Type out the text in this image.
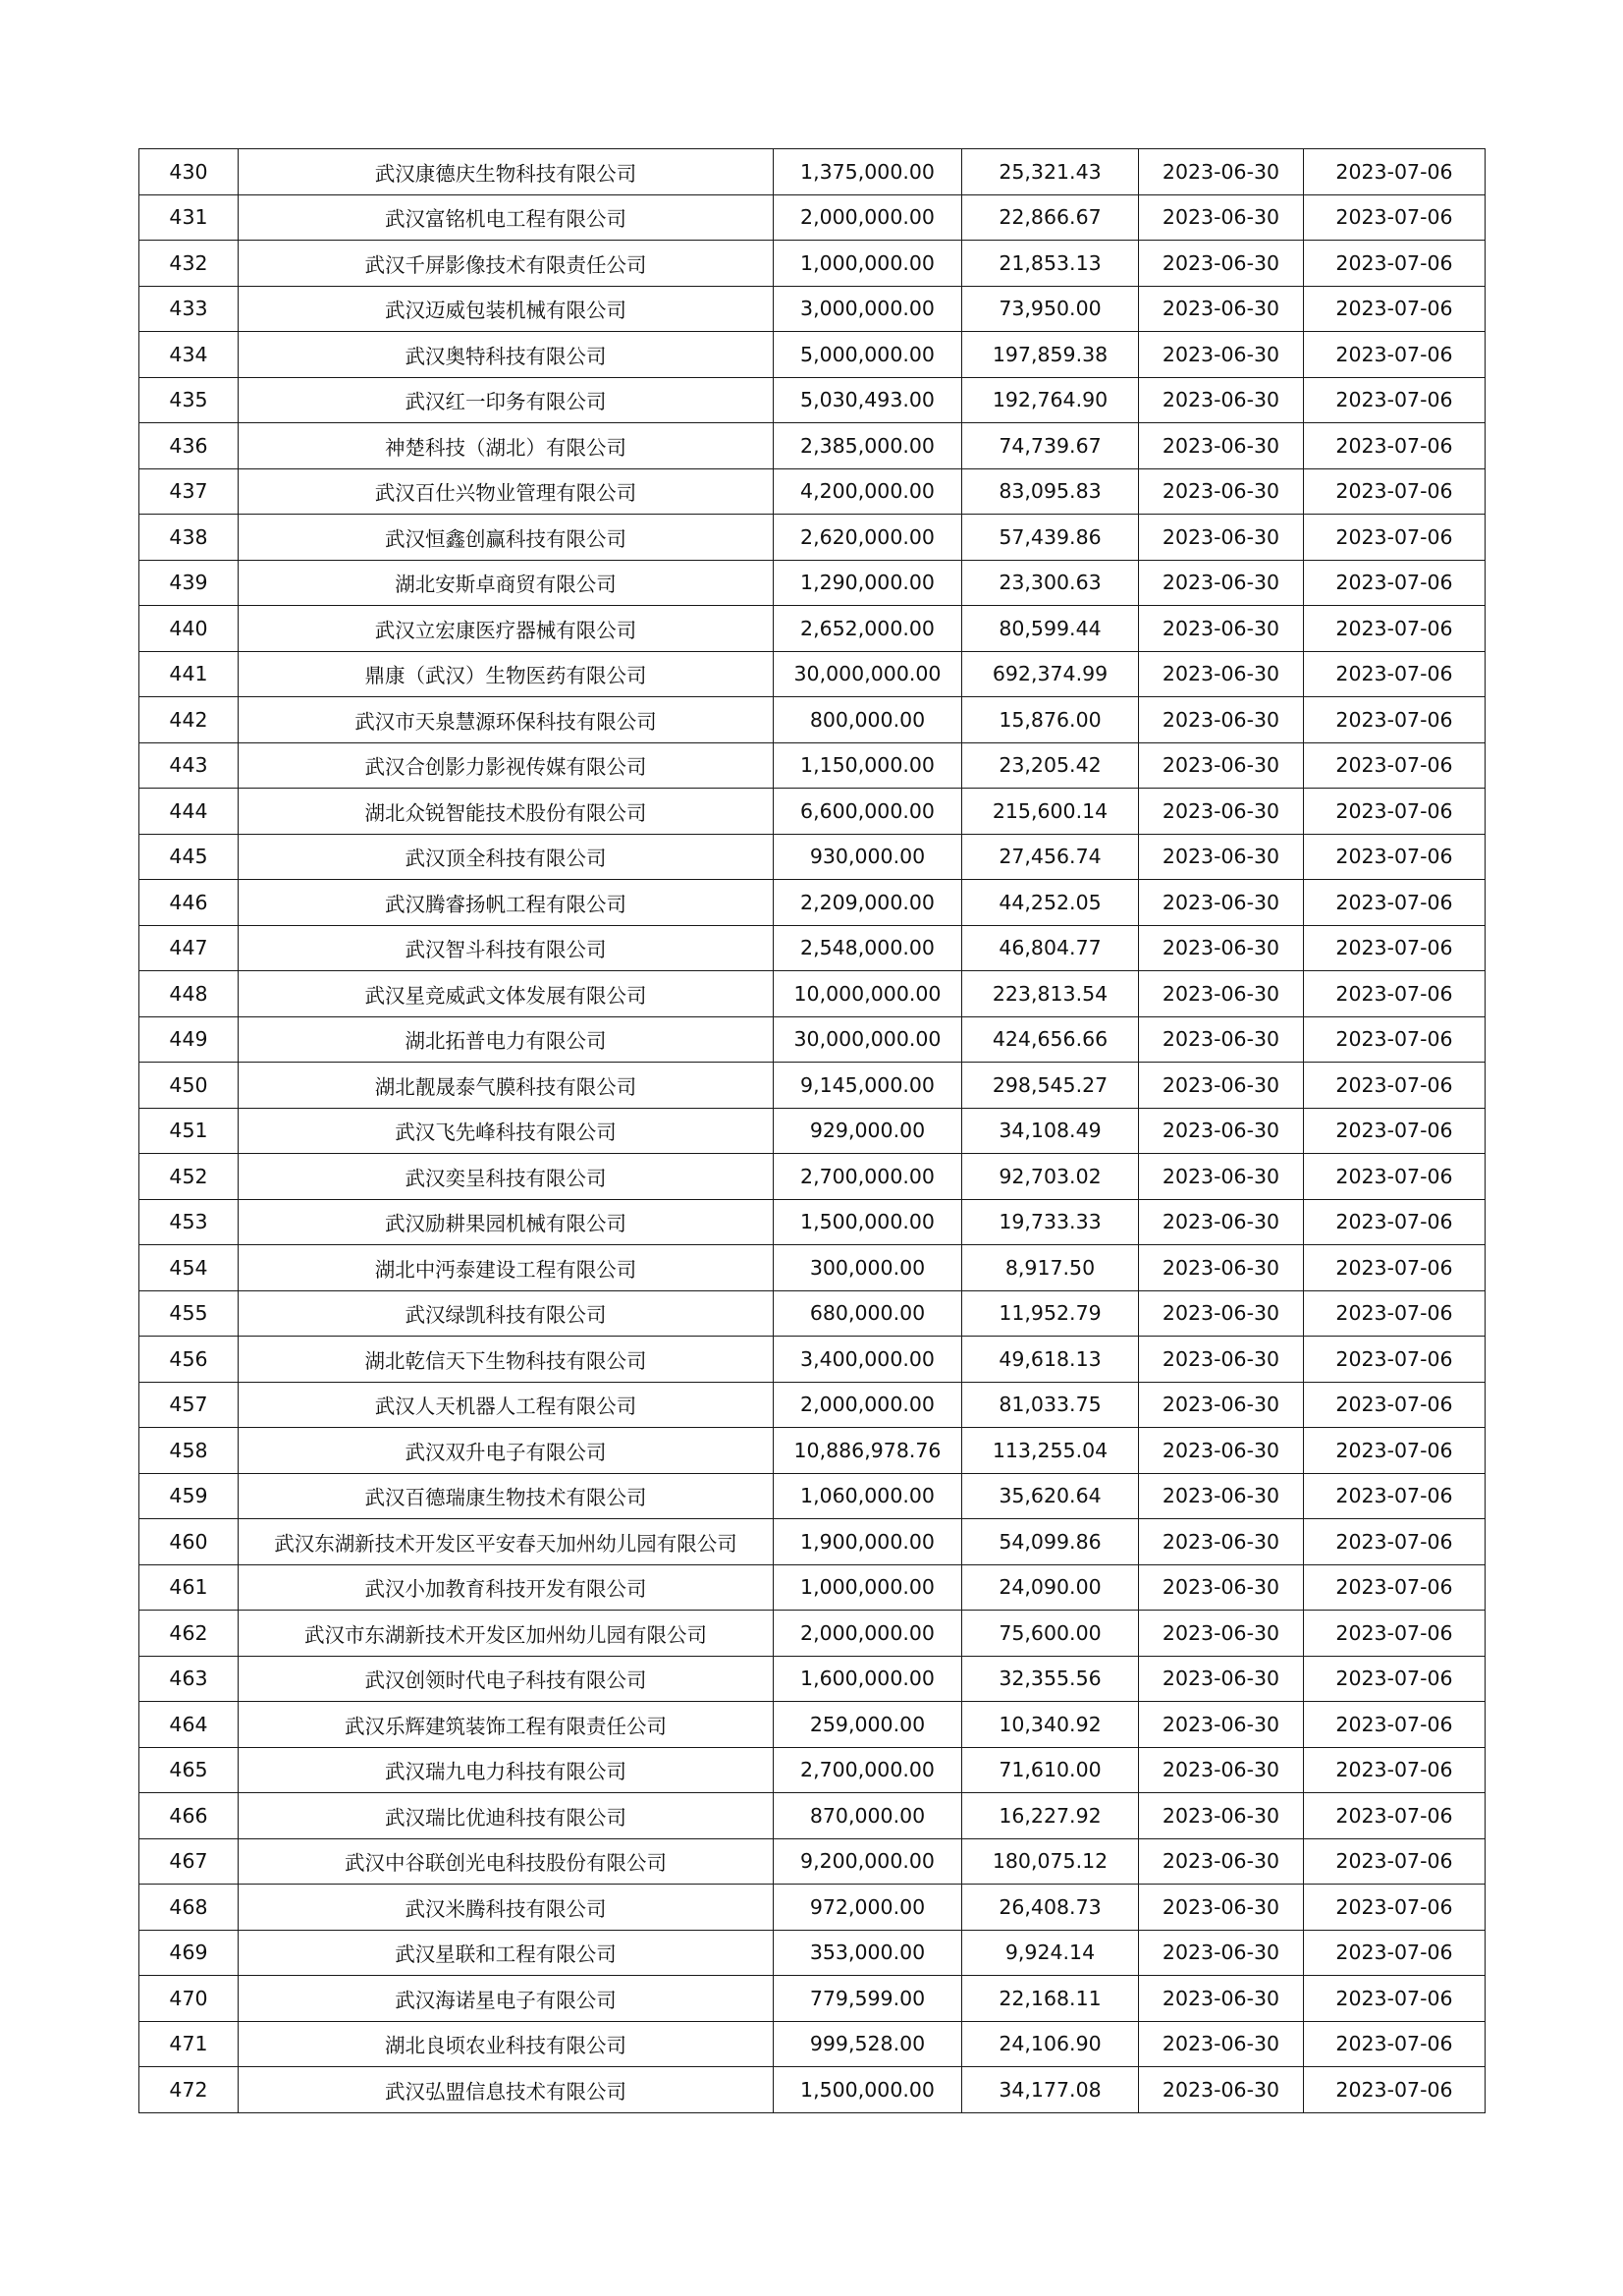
430	武汉康德庆生物科技有限公司	1,375,000.00	25,321.43	2023-06-30	2023-07-06
431	武汉富铭机电工程有限公司	2,000,000.00	22,866.67	2023-06-30	2023-07-06
432	武汉千屏影像技术有限责任公司	1,000,000.00	21,853.13	2023-06-30	2023-07-06
433	武汉迈威包装机械有限公司	3,000,000.00	73,950.00	2023-06-30	2023-07-06
434	武汉奥特科技有限公司	5,000,000.00	197,859.38	2023-06-30	2023-07-06
435	武汉红一印务有限公司	5,030,493.00	192,764.90	2023-06-30	2023-07-06
436	神楚科技（湖北）有限公司	2,385,000.00	74,739.67	2023-06-30	2023-07-06
437	武汉百仕兴物业管理有限公司	4,200,000.00	83,095.83	2023-06-30	2023-07-06
438	武汉恒鑫创赢科技有限公司	2,620,000.00	57,439.86	2023-06-30	2023-07-06
439	湖北安斯卓商贸有限公司	1,290,000.00	23,300.63	2023-06-30	2023-07-06
440	武汉立宏康医疗器械有限公司	2,652,000.00	80,599.44	2023-06-30	2023-07-06
441	鼎康（武汉）生物医药有限公司	30,000,000.00	692,374.99	2023-06-30	2023-07-06
442	武汉市天泉慧源环保科技有限公司	800,000.00	15,876.00	2023-06-30	2023-07-06
443	武汉合创影力影视传媒有限公司	1,150,000.00	23,205.42	2023-06-30	2023-07-06
444	湖北众锐智能技术股份有限公司	6,600,000.00	215,600.14	2023-06-30	2023-07-06
445	武汉顶全科技有限公司	930,000.00	27,456.74	2023-06-30	2023-07-06
446	武汉腾睿扬帆工程有限公司	2,209,000.00	44,252.05	2023-06-30	2023-07-06
447	武汉智斗科技有限公司	2,548,000.00	46,804.77	2023-06-30	2023-07-06
448	武汉星竞威武文体发展有限公司	10,000,000.00	223,813.54	2023-06-30	2023-07-06
449	湖北拓普电力有限公司	30,000,000.00	424,656.66	2023-06-30	2023-07-06
450	湖北靓晟泰气膜科技有限公司	9,145,000.00	298,545.27	2023-06-30	2023-07-06
451	武汉飞先峰科技有限公司	929,000.00	34,108.49	2023-06-30	2023-07-06
452	武汉奕呈科技有限公司	2,700,000.00	92,703.02	2023-06-30	2023-07-06
453	武汉励耕果园机械有限公司	1,500,000.00	19,733.33	2023-06-30	2023-07-06
454	湖北中沔泰建设工程有限公司	300,000.00	8,917.50	2023-06-30	2023-07-06
455	武汉绿凯科技有限公司	680,000.00	11,952.79	2023-06-30	2023-07-06
456	湖北乾信天下生物科技有限公司	3,400,000.00	49,618.13	2023-06-30	2023-07-06
457	武汉人天机器人工程有限公司	2,000,000.00	81,033.75	2023-06-30	2023-07-06
458	武汉双升电子有限公司	10,886,978.76	113,255.04	2023-06-30	2023-07-06
459	武汉百德瑞康生物技术有限公司	1,060,000.00	35,620.64	2023-06-30	2023-07-06
460	武汉东湖新技术开发区平安春天加州幼儿园有限公司	1,900,000.00	54,099.86	2023-06-30	2023-07-06
461	武汉小加教育科技开发有限公司	1,000,000.00	24,090.00	2023-06-30	2023-07-06
462	武汉市东湖新技术开发区加州幼儿园有限公司	2,000,000.00	75,600.00	2023-06-30	2023-07-06
463	武汉创领时代电子科技有限公司	1,600,000.00	32,355.56	2023-06-30	2023-07-06
464	武汉乐辉建筑装饰工程有限责任公司	259,000.00	10,340.92	2023-06-30	2023-07-06
465	武汉瑞九电力科技有限公司	2,700,000.00	71,610.00	2023-06-30	2023-07-06
466	武汉瑞比优迪科技有限公司	870,000.00	16,227.92	2023-06-30	2023-07-06
467	武汉中谷联创光电科技股份有限公司	9,200,000.00	180,075.12	2023-06-30	2023-07-06
468	武汉米腾科技有限公司	972,000.00	26,408.73	2023-06-30	2023-07-06
469	武汉星联和工程有限公司	353,000.00	9,924.14	2023-06-30	2023-07-06
470	武汉海诺星电子有限公司	779,599.00	22,168.11	2023-06-30	2023-07-06
471	湖北良顷农业科技有限公司	999,528.00	24,106.90	2023-06-30	2023-07-06
472	武汉弘盟信息技术有限公司	1,500,000.00	34,177.08	2023-06-30	2023-07-06
